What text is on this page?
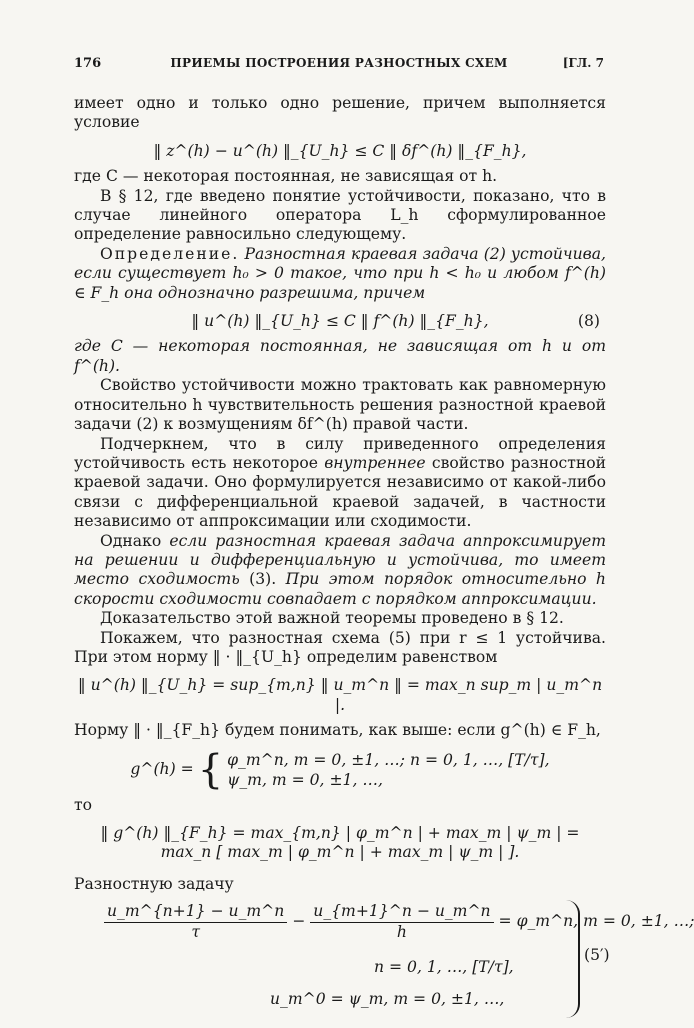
176	ПРИЕМЫ ПОСТРОЕНИЯ РАЗНОСТНЫХ СХЕМ	[ГЛ. 7

имеет одно и только одно решение, причем выполняется условие

‖ z^(h) − u^(h) ‖_{U_h} ≤ C ‖ δf^(h) ‖_{F_h},

где C — некоторая постоянная, не зависящая от h.

В § 12, где введено понятие устойчивости, показано, что в случае линейного оператора L_h сформулированное определение равносильно следующему.

Определение. Разностная краевая задача (2) устойчива, если существует h₀ > 0 такое, что при h < h₀ и любом f^(h) ∈ F_h она однозначно разрешима, причем

‖ u^(h) ‖_{U_h} ≤ C ‖ f^(h) ‖_{F_h},	(8)

где C — некоторая постоянная, не зависящая от h и от f^(h).

Свойство устойчивости можно трактовать как равномерную относительно h чувствительность решения разностной краевой задачи (2) к возмущениям δf^(h) правой части.

Подчеркнем, что в силу приведенного определения устойчивость есть некоторое внутреннее свойство разностной краевой задачи. Оно формулируется независимо от какой-либо связи с дифференциальной краевой задачей, в частности независимо от аппроксимации или сходимости.

Однако если разностная краевая задача аппроксимирует на решении и дифференциальную и устойчива, то имеет место сходимость (3). При этом порядок относительно h скорости сходимости совпадает с порядком аппроксимации.

Доказательство этой важной теоремы проведено в § 12.

Покажем, что разностная схема (5) при r ≤ 1 устойчива. При этом норму ‖ · ‖_{U_h} определим равенством

‖ u^(h) ‖_{U_h} = sup_{m,n} ‖ u_m^n ‖ = max_n sup_m | u_m^n |.

Норму ‖ · ‖_{F_h} будем понимать, как выше: если g^(h) ∈ F_h,

g^(h) = { φ_m^n, m = 0, ±1, …; n = 0, 1, …, [T/τ],
ψ_m, m = 0, ±1, …,

то

‖ g^(h) ‖_{F_h} = max_{m,n} | φ_m^n | + max_m | ψ_m | = max_n [ max_m | φ_m^n | + max_m | ψ_m | ].

Разностную задачу

$\frac{u\_m\^{}\{n+1\} - u\_m\^{}n}{\tau} - \frac{u\_\{m+1\}\^{}n - u\_m\^{}n}{h}$ = φ_m^n, m = 0, ±1, …;
n = 0, 1, …, [T/τ],
u_m^0 = ψ_m, m = 0, ±1, …,
(5′)
